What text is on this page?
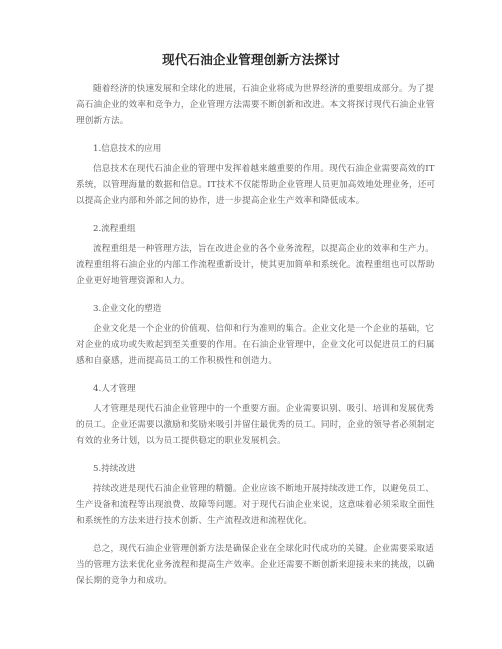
现代石油企业管理创新方法探讨

随着经济的快速发展和全球化的进展，石油企业将成为世界经济的重要组成部分。为了提高石油企业的效率和竞争力，企业管理方法需要不断创新和改进。本文将探讨现代石油企业管理创新方法。

1.信息技术的应用

信息技术在现代石油企业的管理中发挥着越来越重要的作用。现代石油企业需要高效的IT系统，以管理海量的数据和信息。IT技术不仅能帮助企业管理人员更加高效地处理业务，还可以提高企业内部和外部之间的协作，进一步提高企业生产效率和降低成本。

2.流程重组

流程重组是一种管理方法，旨在改进企业的各个业务流程，以提高企业的效率和生产力。流程重组将石油企业的内部工作流程重新设计，使其更加简单和系统化。流程重组也可以帮助企业更好地管理资源和人力。

3.企业文化的塑造

企业文化是一个企业的价值观、信仰和行为准则的集合。企业文化是一个企业的基础，它对企业的成功或失败起到至关重要的作用。在石油企业管理中，企业文化可以促进员工的归属感和自豪感，进而提高员工的工作积极性和创造力。

4.人才管理

人才管理是现代石油企业管理中的一个重要方面。企业需要识别、吸引、培训和发展优秀的员工。企业还需要以激励和奖励来吸引并留住最优秀的员工。同时，企业的领导者必须制定有效的业务计划，以为员工提供稳定的职业发展机会。

5.持续改进

持续改进是现代石油企业管理的精髓。企业应该不断地开展持续改进工作，以避免员工、生产设备和流程等出现浪费、故障等问题。对于现代石油企业来说，这意味着必须采取全面性和系统性的方法来进行技术创新、生产流程改进和流程优化。

总之，现代石油企业管理创新方法是确保企业在全球化时代成功的关键。企业需要采取适当的管理方法来优化业务流程和提高生产效率。企业还需要不断创新来迎接未来的挑战，以确保长期的竞争力和成功。
